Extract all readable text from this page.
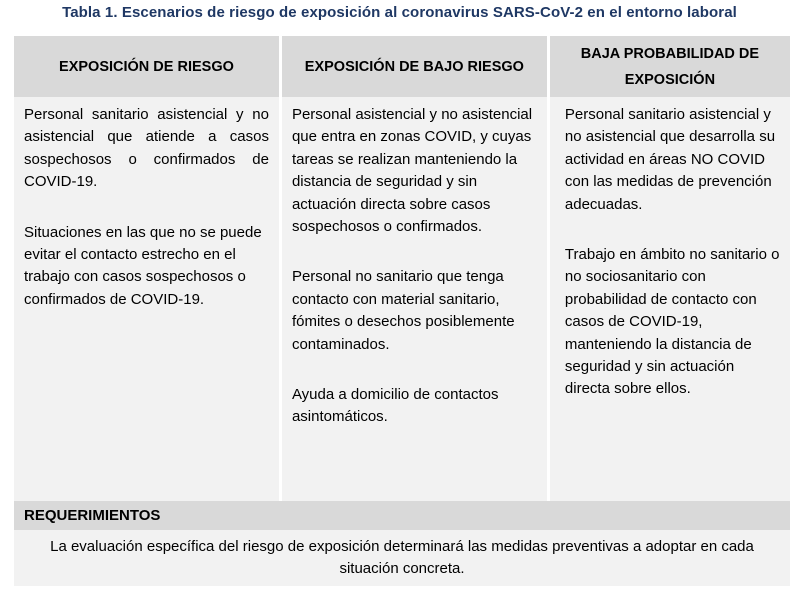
Tabla 1. Escenarios de riesgo de exposición al coronavirus SARS-CoV-2 en el entorno laboral
EXPOSICIÓN DE RIESGO	EXPOSICIÓN DE BAJO RIESGO
BAJA PROBABILIDAD DE EXPOSICIÓN

Personal sanitario asistencial y no asistencial que atiende a casos sospechosos o confirmados de COVID-19.

Situaciones en las que no se puede evitar el contacto estrecho en el trabajo con casos sospechosos o confirmados de COVID-19.

Personal asistencial y no asistencial que entra en zonas COVID, y cuyas tareas se realizan manteniendo la distancia de seguridad y sin actuación directa sobre casos sospechosos o confirmados.

Personal no sanitario que tenga contacto con material sanitario, fómites o desechos posiblemente contaminados.

Ayuda a domicilio de contactos asintomáticos.

Personal sanitario asistencial y no asistencial que desarrolla su actividad en áreas NO COVID con las medidas de prevención adecuadas.

Trabajo en ámbito no sanitario o no sociosanitario con probabilidad de contacto con casos de COVID-19, manteniendo la distancia de seguridad y sin actuación directa sobre ellos.

REQUERIMIENTOS
La evaluación específica del riesgo de exposición determinará las medidas preventivas a adoptar en cada situación concreta.
